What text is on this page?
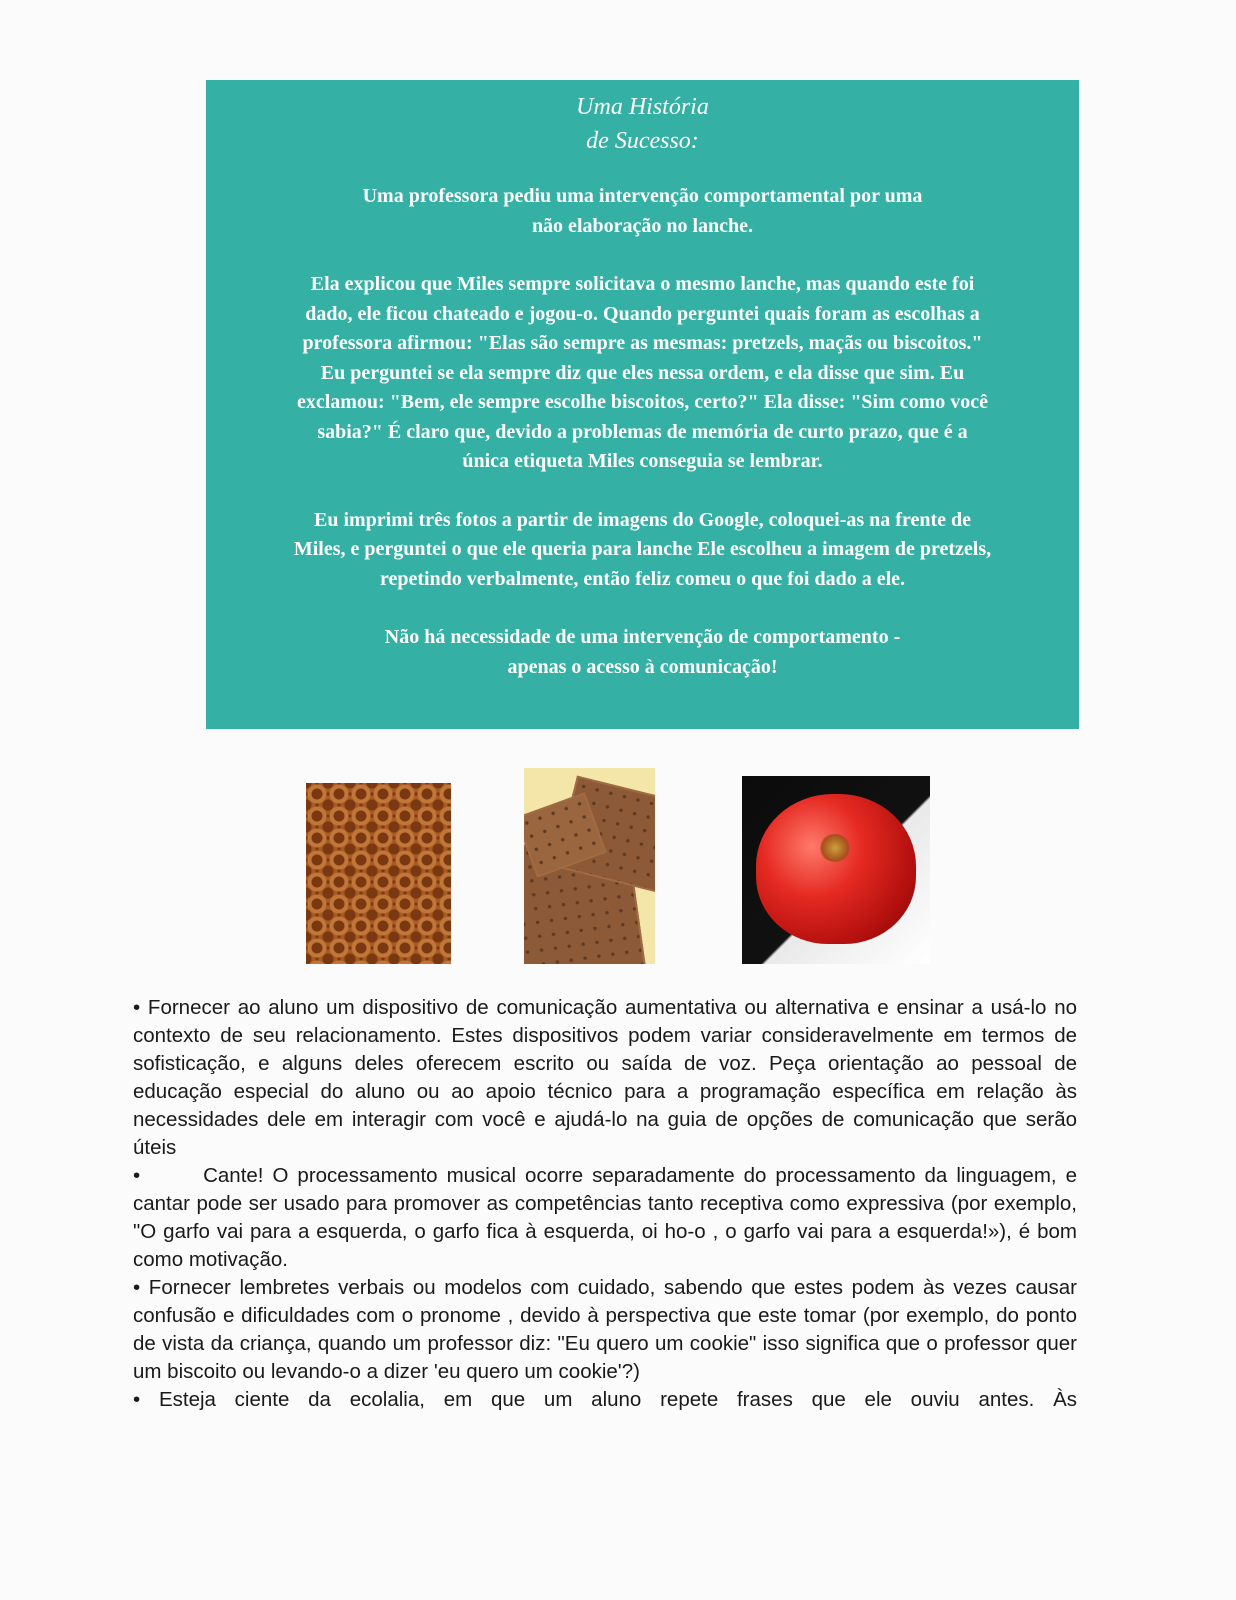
Uma História
de Sucesso:
Uma professora pediu uma intervenção comportamental por uma
não elaboração no lanche.
Ela explicou que Miles sempre solicitava o mesmo lanche, mas quando este foi
dado, ele ficou chateado e jogou-o. Quando perguntei quais foram as escolhas a
professora afirmou: "Elas são sempre as mesmas: pretzels, maçãs ou biscoitos."
Eu perguntei se ela sempre diz que eles nessa ordem, e ela disse que sim. Eu
exclamou: "Bem, ele sempre escolhe biscoitos, certo?" Ela disse: "Sim como você
sabia?" É claro que, devido a problemas de memória de curto prazo, que é a
única etiqueta Miles conseguia se lembrar.
Eu imprimi três fotos a partir de imagens do Google, coloquei-as na frente de
Miles, e perguntei o que ele queria para lanche Ele escolheu a imagem de pretzels,
repetindo verbalmente, então feliz comeu o que foi dado a ele.
Não há necessidade de uma intervenção de comportamento -
apenas o acesso à comunicação!

• Fornecer ao aluno um dispositivo de comunicação aumentativa ou alternativa e ensinar a usá-lo no contexto de seu relacionamento. Estes dispositivos podem variar consideravelmente em termos de sofisticação, e alguns deles oferecem escrito ou saída de voz. Peça orientação ao pessoal de educação especial do aluno ou ao apoio técnico para a programação específica em relação às necessidades dele em interagir com você e ajudá-lo na guia de opções de comunicação que serão úteis

•       Cante! O processamento musical ocorre separadamente do processamento da linguagem, e cantar pode ser usado para promover as competências tanto receptiva como expressiva (por exemplo, "O garfo vai para a esquerda, o garfo fica à esquerda, oi ho-o , o garfo vai para a esquerda!»), é bom como motivação.

• Fornecer lembretes verbais ou modelos com cuidado, sabendo que estes podem às vezes causar confusão e dificuldades com o pronome , devido à perspectiva que este tomar (por exemplo, do ponto de vista da criança, quando um professor diz: "Eu quero um cookie" isso significa que o professor quer um biscoito ou levando-o a dizer 'eu quero um cookie'?)

• Esteja ciente da ecolalia, em que um aluno repete frases que ele ouviu antes. Às
